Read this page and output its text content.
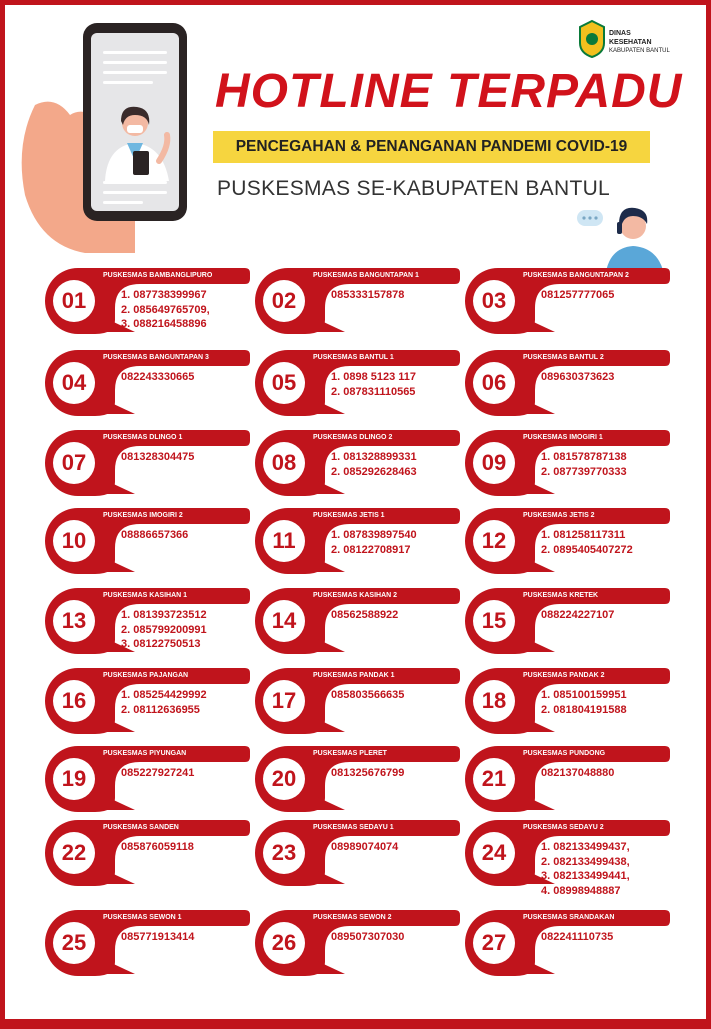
DINAS KESEHATAN
KABUPATEN BANTUL
HOTLINE TERPADU
PENCEGAHAN & PENANGANAN PANDEMI COVID-19
PUSKESMAS SE-KABUPATEN BANTUL
01
PUSKESMAS BAMBANGLIPURO
1. 087738399967
2. 085649765709,
3. 088216458896
02
PUSKESMAS BANGUNTAPAN 1
085333157878	03
PUSKESMAS BANGUNTAPAN 2
081257777065
04
PUSKESMAS BANGUNTAPAN 3
082243330665	05
PUSKESMAS BANTUL 1
1. 0898 5123 117
2. 087831110565	06
PUSKESMAS BANTUL 2
089630373623
07
PUSKESMAS DLINGO 1
081328304475	08
PUSKESMAS DLINGO 2
1. 081328899331
2. 085292628463	09
PUSKESMAS IMOGIRI 1
1. 081578787138
2. 087739770333
10
PUSKESMAS IMOGIRI 2
08886657366	11
PUSKESMAS JETIS 1
1. 087839897540
2. 08122708917	12
PUSKESMAS JETIS 2
1. 081258117311
2. 0895405407272
13
PUSKESMAS KASIHAN 1
1. 081393723512
2. 085799200991
3. 08122750513
14
PUSKESMAS KASIHAN 2
08562588922	15
PUSKESMAS KRETEK
088224227107
16
PUSKESMAS PAJANGAN
1. 085254429992
2. 08112636955	17
PUSKESMAS PANDAK 1
085803566635	18
PUSKESMAS PANDAK 2
1. 085100159951
2. 081804191588
19
PUSKESMAS PIYUNGAN
085227927241	20
PUSKESMAS PLERET
081325676799	21
PUSKESMAS PUNDONG
082137048880
22
PUSKESMAS SANDEN
085876059118	23
PUSKESMAS SEDAYU 1
08989074074	24
PUSKESMAS SEDAYU 2
1. 082133499437,
2. 082133499438,
3. 082133499441,
4. 08998948887
25
PUSKESMAS SEWON 1
085771913414	26
PUSKESMAS SEWON 2
089507307030	27
PUSKESMAS SRANDAKAN
082241110735
